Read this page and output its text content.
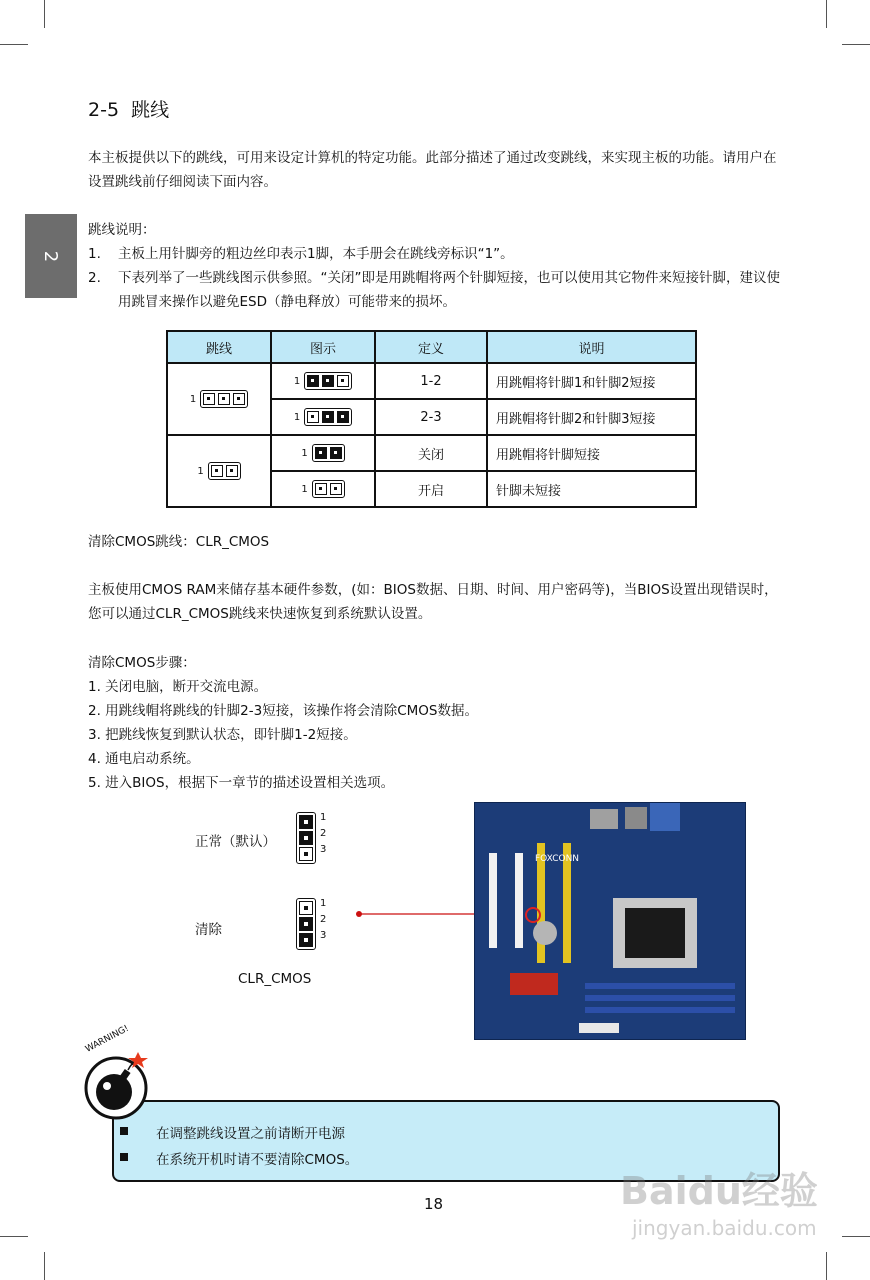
2-5 跳线
2
本主板提供以下的跳线，可用来设定计算机的特定功能。此部分描述了通过改变跳线，来实现主板的功能。请用户在设置跳线前仔细阅读下面内容。
跳线说明：
1.	主板上用针脚旁的粗边丝印表示1脚，本手册会在跳线旁标识“1”。
2.	下表列举了一些跳线图示供参照。“关闭”即是用跳帽将两个针脚短接，也可以使用其它物件来短接针脚，建议使用跳冒来操作以避免ESD（静电释放）可能带来的损坏。
跳线	图示	定义	说明

1	1	1-2	用跳帽将针脚1和针脚2短接

	1	2-3	用跳帽将针脚2和针脚3短接

1	1	关闭	用跳帽将针脚短接

	1	开启	针脚未短接
清除CMOS跳线：CLR_CMOS
主板使用CMOS RAM来储存基本硬件参数，(如：BIOS数据、日期、时间、用户密码等)，当BIOS设置出现错误时，您可以通过CLR_CMOS跳线来快速恢复到系统默认设置。
清除CMOS步骤：
1. 关闭电脑，断开交流电源。
2. 用跳线帽将跳线的针脚2-3短接，该操作将会清除CMOS数据。
3. 把跳线恢复到默认状态，即针脚1-2短接。
4. 通电启动系统。
5. 进入BIOS，根据下一章节的描述设置相关选项。
正常（默认）
1
2
3
清除
1
2
3
CLR_CMOS
FOXCONN
在调整跳线设置之前请断开电源
在系统开机时请不要清除CMOS。
WARNING!
18	Baidu经验
jingyan.baidu.com
